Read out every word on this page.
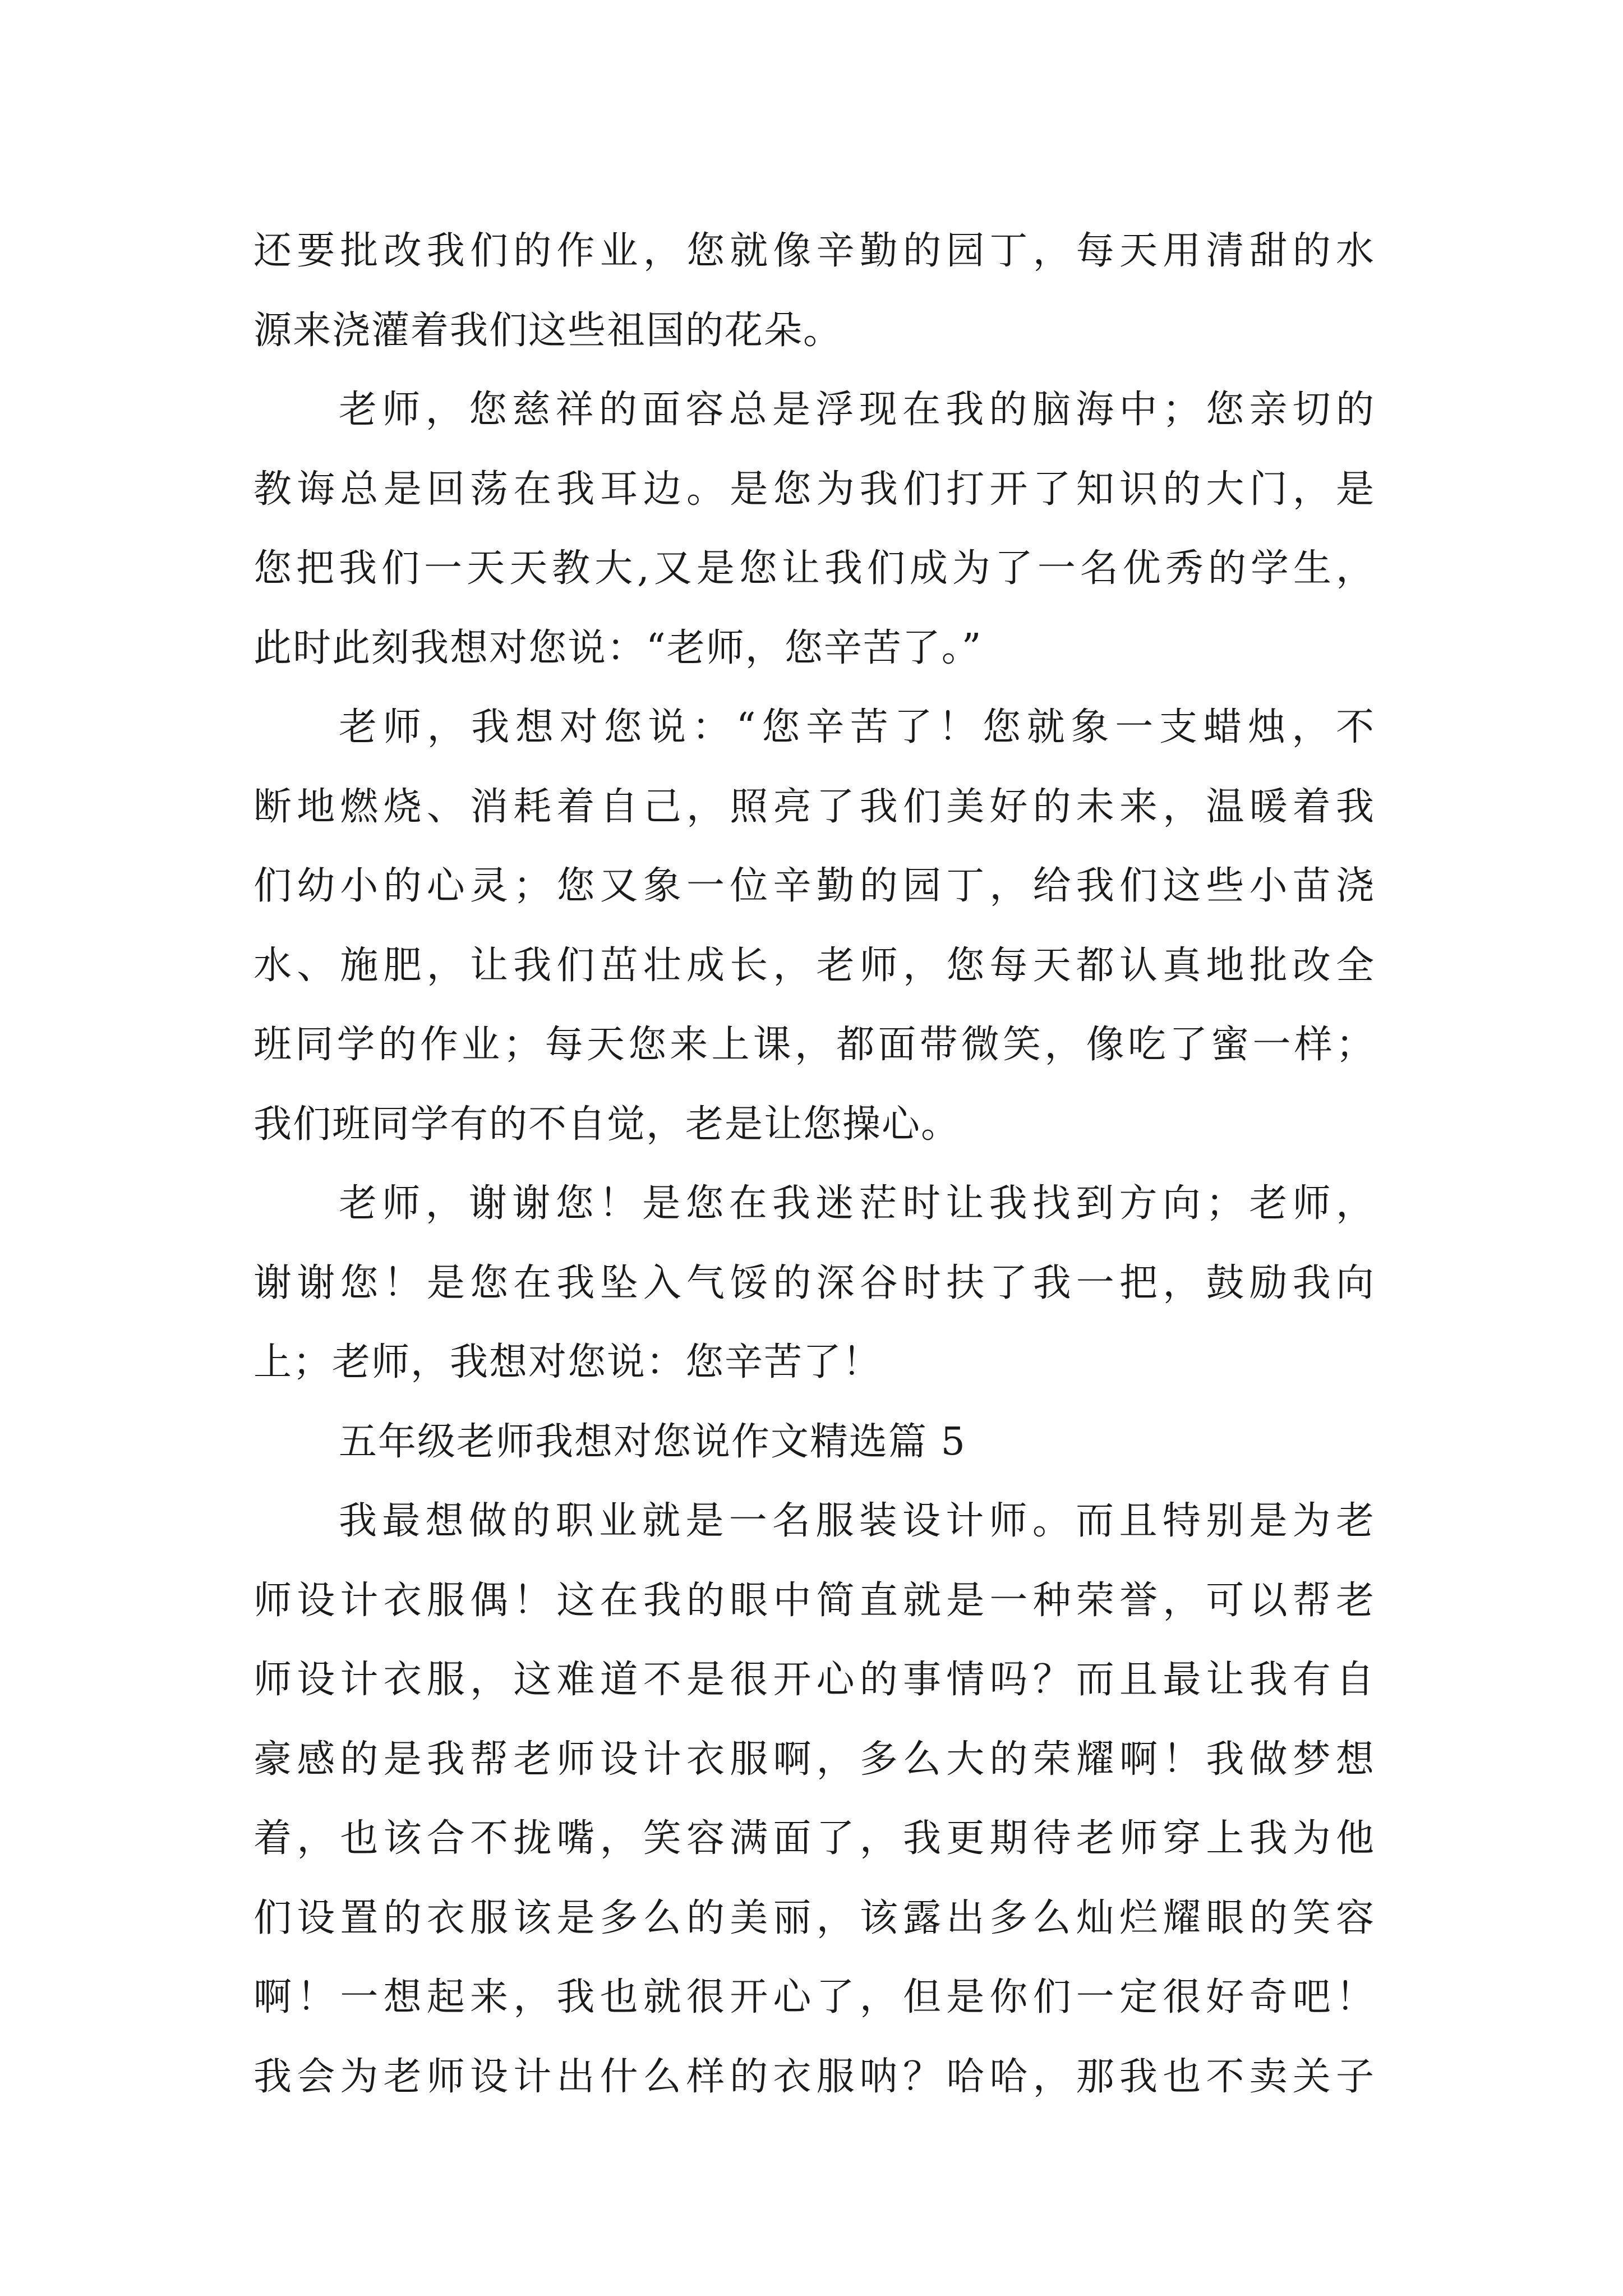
还要批改我们的作业，您就像辛勤的园丁，每天用清甜的水
源来浇灌着我们这些祖国的花朵。
老师，您慈祥的面容总是浮现在我的脑海中；您亲切的
教诲总是回荡在我耳边。是您为我们打开了知识的大门，是
您把我们一天天教大,又是您让我们成为了一名优秀的学生，
此时此刻我想对您说：“老师，您辛苦了。”
老师，我想对您说：“您辛苦了！您就象一支蜡烛，不
断地燃烧、消耗着自己，照亮了我们美好的未来，温暖着我
们幼小的心灵；您又象一位辛勤的园丁，给我们这些小苗浇
水、施肥，让我们茁壮成长，老师，您每天都认真地批改全
班同学的作业；每天您来上课，都面带微笑，像吃了蜜一样；
我们班同学有的不自觉，老是让您操心。
老师，谢谢您！是您在我迷茫时让我找到方向；老师，
谢谢您！是您在我坠入气馁的深谷时扶了我一把，鼓励我向
上；老师，我想对您说：您辛苦了！
五年级老师我想对您说作文精选篇 5
我最想做的职业就是一名服装设计师。而且特别是为老
师设计衣服偶！这在我的眼中简直就是一种荣誉，可以帮老
师设计衣服，这难道不是很开心的事情吗？而且最让我有自
豪感的是我帮老师设计衣服啊，多么大的荣耀啊！我做梦想
着，也该合不拢嘴，笑容满面了，我更期待老师穿上我为他
们设置的衣服该是多么的美丽，该露出多么灿烂耀眼的笑容
啊！一想起来，我也就很开心了，但是你们一定很好奇吧！
我会为老师设计出什么样的衣服呐？哈哈，那我也不卖关子
